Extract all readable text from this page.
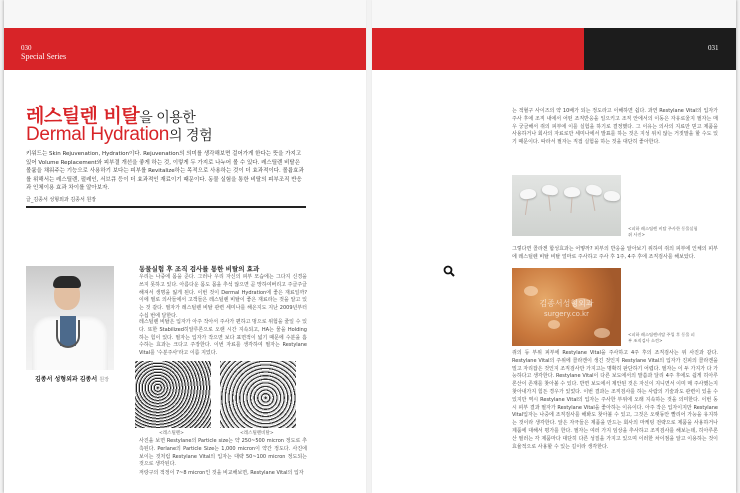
030
Special Series
레스틸렌 비탈을 이용한
Dermal Hydration의 경험
키워드는 Skin Rejuvenation, Hydration이다. Rejuvenation의 의미를 생각해보면 걸어가게 한다는 뜻을 가지고 있어 Volume Replacement와 피부결 개선을 좋게 하는 것, 이렇게 두 가지로 나누어 볼 수 있다. 레스틸렌 비탈은 볼륨을 채워주는 기능으로 사용하기 보다는 피부를 Revitalize하는 목적으로 사용하는 것이 더 효과적이다. 볼륨효과를 위해서는 레스틸렌, 펄레인, 서브큐 등이 더 효과적인 재료이기 때문이다. 동물 실험을 통한 비탈의 피부조직 반응과 인체이용 효과 차이를 알아보자.
글_김종서 성형외과 김종서 원장
김종서 성형외과 김종서 원장
동물실험 후 조직 검사를 통한 비탈의 효과
우리는 나중에 몸을 준다. 그러나 우리 자신의 피부 모습에는 그다지 신경을 쓰지 못하고 있다. 아름다운 몸도 몸을 추석 않으면 곧 망하여버리고 주글주글해져서 생명을 잃게 된다. 이번 것이 Dermal Hydration에 좋은 재료일까? 이에 필로 의사들에서 고객들은 레스틸렌 비탈이 좋은 재료라는 것을 알고 있는 것 같다. 필자가 레스틸렌 비탈 관련 세미나를 해온지도 지난 2009년부터 수십 번에 달한다.
레스틸렌 비탈은 입자가 아주 작아서 주사가 편하고 멍으로 위험을 줄일 수 있다. 또한 Stabilized히알루론으로 오랜 시간 지속되고, HA는 물을 Holding하는 힘이 있다. 필자는 입자가 작으면 보다 표면적이 넓기 때문에 수분을 흡수하는 효과는 크다고 주장한다. 이번 자료를 생각하여 필자는 Restylane Vital를 '수분주사'라고 이름 지었다.
<레스틸렌>	<레스틸렌비탈>
사진을 보면 Restylane의 Particle size는 약 250~500 micron 정도로 추측된다. Perlane의 Particle Size는 1,000 micron이 약간 정도다. 사진에 보이는 것처럼 Restylane Vital의 입자는 대략 50~100 micron 정도되는 것으로 생각된다.
저랑구의 적정이 7~8 micron인 것을 비교해보면, Restylane Vital의 입자
031
는 적혈구 사이즈의 약 10배가 되는 정도라고 이해하면 쉽다. 과연 Restylane Vital의 입자가 주사 후에 조직 내에서 어떤 조직반응을 일으키고 조직 안에서의 이동은 자유로울지 필자는 매우 궁금해서 쥐의 피부에 이를 실험을 하기로 결정했다. 그 이유는 의사의 지료만 믿고 제품을 사용하거나 회사의 자료로만 세미나에서 발표를 하는 것은 지성 위치 않는 거짓말을 할 수도 있기 때문이다. 따라서 필자는 직접 실험을 하는 것을 대단히 좋아한다.
<피하 레스틸렌 비탈 주사한 동물실험 쥐 사진>
그렇다면 콜라겐 합성효과는 어떻까? 피부의 반응을 알아보기 위하여 쥐의 피부에 인체의 피부에 레스틸렌 비탈 비탈 얼마로 주사하고 주사 후 1주, 4주 후에 조직검사를 해보았다.
김종서성형외과
surgery.co.kr
<피하 레스틸렌비탈 주입 후 동물 피부 조직검사 소견>
쥐의 등 부위 피부에 Restylane Vital을 주사하고 4주 후의 조직검사는 위 사진과 같다. Restylane Vital의 주위에 콜라겐이 생긴 것인지 Restylane Vital의 입자가 진피의 콜라겐을 밀고 자리잡은 것인지 조직검사만 가지고는 명확히 판단하기 어렵다. 필자는 이 두 가지가 다 가능하다고 생각한다. Restylane Vital이 다른 보도에서의 말씀과 달리 4주 후에도 쉽게 히아루론산이 존재를 찾아볼 수 있다. 반면 보도에서 제안된 것은 자신이 지니면서 이미 매 주사했는지 찾아내가지 힘든 경우가 있었다. 이번 결과는 조직검사를 하는 사람의 기술과도 관련이 있을 수 있지만 역시 Restylane Vital의 입자는 주사한 부위에 오래 지속하는 것을 의미한다. 이번 동시 피부 결과 필자가 Restylane Vital을 좋아하는 이유이다. 아주 작은 입자이지만 Restylane Vital입자는 나중에 조직검사를 해봐도 찾아볼 수 있고, 그것은 오랫동안 빨리어 가능을 유지하는 것이라 생각한다. 앞은 자극들은 제품을 만드는 회사의 마케팅 전략으로 제품을 사용하거나 제품에 대해서 평가를 한다. 필자는 여러 가지 임상을 추사하고 조직검사를 해보는데, 히아루론산 필러는 각 제품마다 대단히 다른 성질을 가지고 있으며 이러한 차이점을 알고 이용하는 것이 효율적으로 사용할 수 있는 길이라 생각한다.
